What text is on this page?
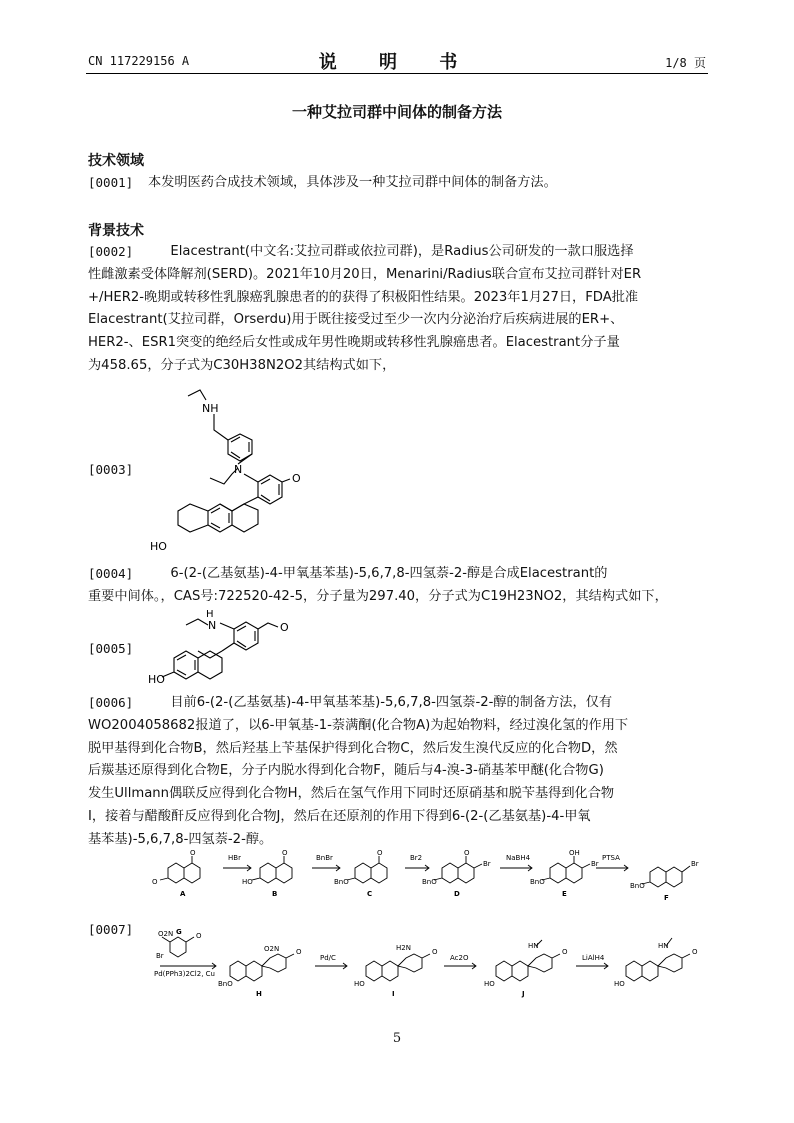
CN 117229156 A	说 明 书	1/8 页
一种艾拉司群中间体的制备方法
技术领域
[0001] 本发明医药合成技术领域，具体涉及一种艾拉司群中间体的制备方法。
背景技术
[0002] 　　Elacestrant(中文名:艾拉司群或依拉司群)，是Radius公司研发的一款口服选择
性雌激素受体降解剂(SERD)。2021年10月20日，Menarini/Radius联合宣布艾拉司群针对ER
+/HER2-晚期或转移性乳腺癌乳腺患者的的获得了积极阳性结果。2023年1月27日，FDA批准
Elacestrant(艾拉司群，Orserdu)用于既往接受过至少一次内分泌治疗后疾病进展的ER+、
HER2-、ESR1突变的绝经后女性或成年男性晚期或转移性乳腺癌患者。Elacestrant分子量
为458.65，分子式为C30H38N2O2其结构式如下，
[0003]
NH
N
O
HO
[0004] 　　6-(2-(乙基氨基)-4-甲氧基苯基)-5,6,7,8-四氢萘-2-醇是合成Elacestrant的
重要中间体。，CAS号:722520-42-5，分子量为297.40，分子式为C19H23NO2，其结构式如下，
[0005]
H
N	O
HO
[0006] 　　目前6-(2-(乙基氨基)-4-甲氧基苯基)-5,6,7,8-四氢萘-2-醇的制备方法，仅有
WO2004058682报道了，以6-甲氧基-1-萘满酮(化合物A)为起始物料，经过溴化氢的作用下
脱甲基得到化合物B，然后羟基上苄基保护得到化合物C，然后发生溴代反应的化合物D，然
后羰基还原得到化合物E，分子内脱水得到化合物F，随后与4-溴-3-硝基苯甲醚(化合物G)
发生Ullmann偶联反应得到化合物H，然后在氢气作用下同时还原硝基和脱苄基得到化合物
I，接着与醋酸酐反应得到化合物J，然后在还原剂的作用下得到6-(2-(乙基氨基)-4-甲氧
基苯基)-5,6,7,8-四氢萘-2-醇。
[0007]
O
O
HO
O
BnO
O
BnO
O
Br
BnO
OH
Br
BnO
Br
O2N
Br
O
BnO
O2N O
HO
H2N	O
HO
HN
O
HO
HN
O
HBr	BnBr	Br2	NaBH4	PTSA
Pd(PPh3)2Cl2, Cu
Pd/C	Ac2O	LiAlH4
A	B	C	D	E	F
G
H	I	J
5
